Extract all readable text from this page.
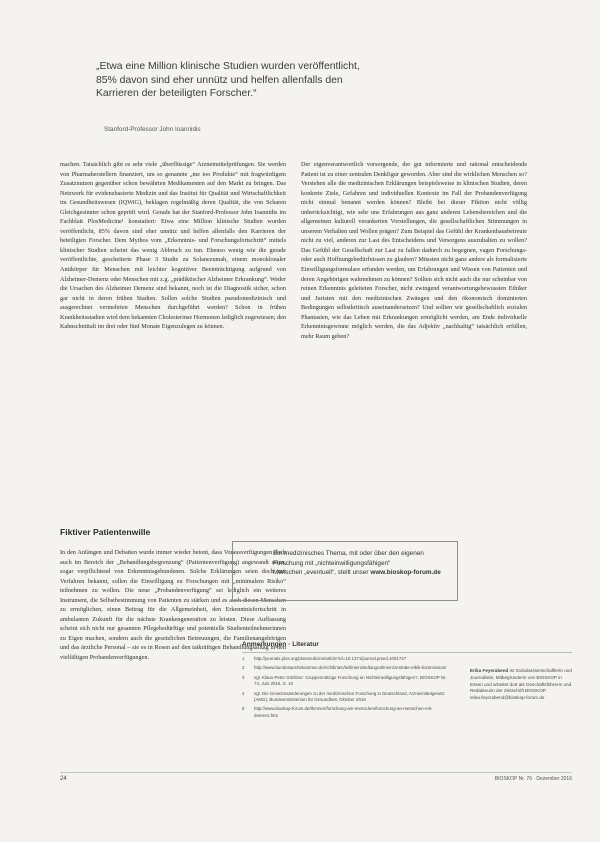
„Etwa eine Million klinische Studien wurden veröffentlicht, 85% davon sind eher unnütz und helfen allenfalls den Karrieren der beteiligten Forscher.“
Stanford-Professor John Ioannidis

machen. Tatsächlich gibt es sehr viele „überflüssige“ Arzneimittelprüfungen. Sie werden von Pharmaherstellern finanziert, um so genannte „me too Produkte“ mit fragwürdigem Zusatznutzen gegenüber schon bewährten Medikamenten auf den Markt zu bringen. Das Netzwerk für evidenzbasierte Medizin und das Institut für Qualität und Wirtschaftlichkeit im Gesundheitswesen (IQWiG), beklagen regelmäßig deren Qualität, die von Scharen Gleichgesinnter schon geprüft wird. Gerade hat der Stanford-Professor John Ioannidis im Fachblatt PlosMedicine¹ konstatiert: Etwa eine Million klinische Studien wurden veröffentlicht, 85% davon sind eher unnütz und helfen allenfalls den Karrieren der beteiligten Forscher. Dem Mythos vom „Erkenntnis- und Forschungsfortschritt“ mittels klinischer Studien scheint das wenig Abbruch zu tun. Ebenso wenig wie die gerade veröffentlichte, gescheiterte Phase 3 Studie zu Solanezumab, einem monoklonaler Antikörper für Menschen mit leichter kognitiver Beeinträchtigung aufgrund von Alzheimer-Demenz oder Menschen mit z.g. „prädiktischer Alzheimer Erkrankung“. Weder die Ursachen des Alzheimer Demenz sind bekannt, noch ist die Diagnostik sicher, schon gar nicht in deren frühen Stadien. Sollen solche Studien pseudomedizinisch und ausgerechnet vermehrten Menschen durchgeführt werden? Schon in frühen Krankheitsstadien wird dem bekannten Cholesterinse Hormonen lediglich zugewiesen; den Kahnschnittalt im drei oder fünf Monate Eigenzulegen zu können.

Der eigenverantwortlich vorsorgende, der gut informierte und rational entscheidende Patient ist zu einer zentralen Denkfigur geworden. Aber sind die wirklichen Menschen so? Verstehen alle die medizinischen Erklärungen beispielsweise in klinischen Studien, deren konkrete Ziele, Gefahren und individuellen Kontexte im Fall der Probandenverfügung nicht einmal benannt werden können? Bleibt bei dieser Fiktion nicht völlig unberücksichtigt, wie sehr uns Erfahrungen aus ganz anderen Lebensbereichen und die allgemeinen kulturell verankerten Vorstellungen, die gesellschaftlichen Stimmungen in unserem Verhalten und Wollen prägen? Zum Beispiel das Gefühl der Krankenhausbetreute nicht zu viel, anderen zur Last des Entscheidens und Versorgens auszuhalten zu wollen? Das Gefühl der Gesellschaft zur Last zu fallen dadurch zu begegnen, vagen Forschungs- oder auch Hoffnungsbedürfnissen zu glauben? Müssten nicht ganz andere als formalisierte Einwilligungsformulare erfunden werden, um Erfahrungen und Wissen von Patienten und deren Angehörigen wahrnehmen zu können? Sollten sich nicht auch die nur scheinbar von reinen Erkenntnis geleiteten Forscher, nicht zwingend verantwortungsbewussten Ethiker und Juristen mit den medizinischen Zwängen und den ökonomisch dominierten Bedingungen selbstkritisch auseinandersetzen? Und sollten wir gesellschaftlich sozialen Phantasien, wie das Leben mit Erkrankungen ermöglicht werden, am Ende individuelle Erkenntnisgewinne möglich werden, die das Adjektiv „nachhaltig“ tatsächlich erfüllen, mehr Raum geben?

Fiktiver Patientenwille

In den Anfängen und Debatten wurde immer wieder betont, dass Vorausverfügungen doch auch im Bereich der „Behandlungsbegrenzung“ (Patientenverfügung) angewandt seien, sogar verpflichtend von Erkenntnisgebundenen. Solche Erklärungen seien doch mit Verfahren bekannt, sollen die Einwilligung zu Forschungen mit „minimalem Risiko“ teilnehmen zu wollen. Die neue „Probandenverfügung“ sei lediglich ein weiteres Instrument, die Selbstbestimmung von Patienten zu stärken und es auch diesen Menschen zu ermöglichen, einen Beitrag für die Allgemeinheit, den Erkenntnisfortschritt in ambulanten Zukunft für die nächste Krankengeneration zu leisten. Diese Auffassung scheint sich nicht nur gesamten Pflegebedürftige und potentielle Studienteilnehmerinnen zu Eigen machen, sondern auch die gesetzlichen Betreuungen, die Familienangehörigen und das ärztliche Personal – sie es in Rosen auf den tatkräftigen Behandlungsalltag in den vielfältigen Probandenverfügungen.

Ein medizinisches Thema, mit oder über den eigenen
Forschung mit „nichteinwilligungsfähigen“
Menschen „eventuell“, stellt unser www.bioskop-forum.de
Anmerkungen · Literatur
1	http://journals.plos.org/plosmedicine/article?id=10.1371/journal.pmed.1001747
2	http://www.bundesaerztekammer.de/richtlinien/leitlinien/stellungnahmen/zentrale-ethik-kommission/
3	vgl. Klaus-Peter Görlitzer: Gruppennützige Forschung an Nichteinwilligungsfähigen?, BIOSKOP Nr. 74, Juni 2016, S. 10
4	vgl. Die Gesetzesänderungen zu der medizinischen Forschung in Deutschland, Arzneimittelgesetz (AMG), Bundesministerium für Gesundheit, Oktober 2016
5	http://www.bioskop-forum.de/themen/forschung-am-menschen/forschung-an-menschen-mit-demenz.htm
Erika Feyerabend ist Sozialwissenschaftlerin und Journalistin, Mitbegründerin von BIOSKOP in Essen und arbeitet dort als Geschäftsführerin und Redakteurin der Zeitschrift BIOSKOP.
erika.feyerabend@bioskop-forum.de
24	BIOSKOP Nr. 76 · Dezember 2016
